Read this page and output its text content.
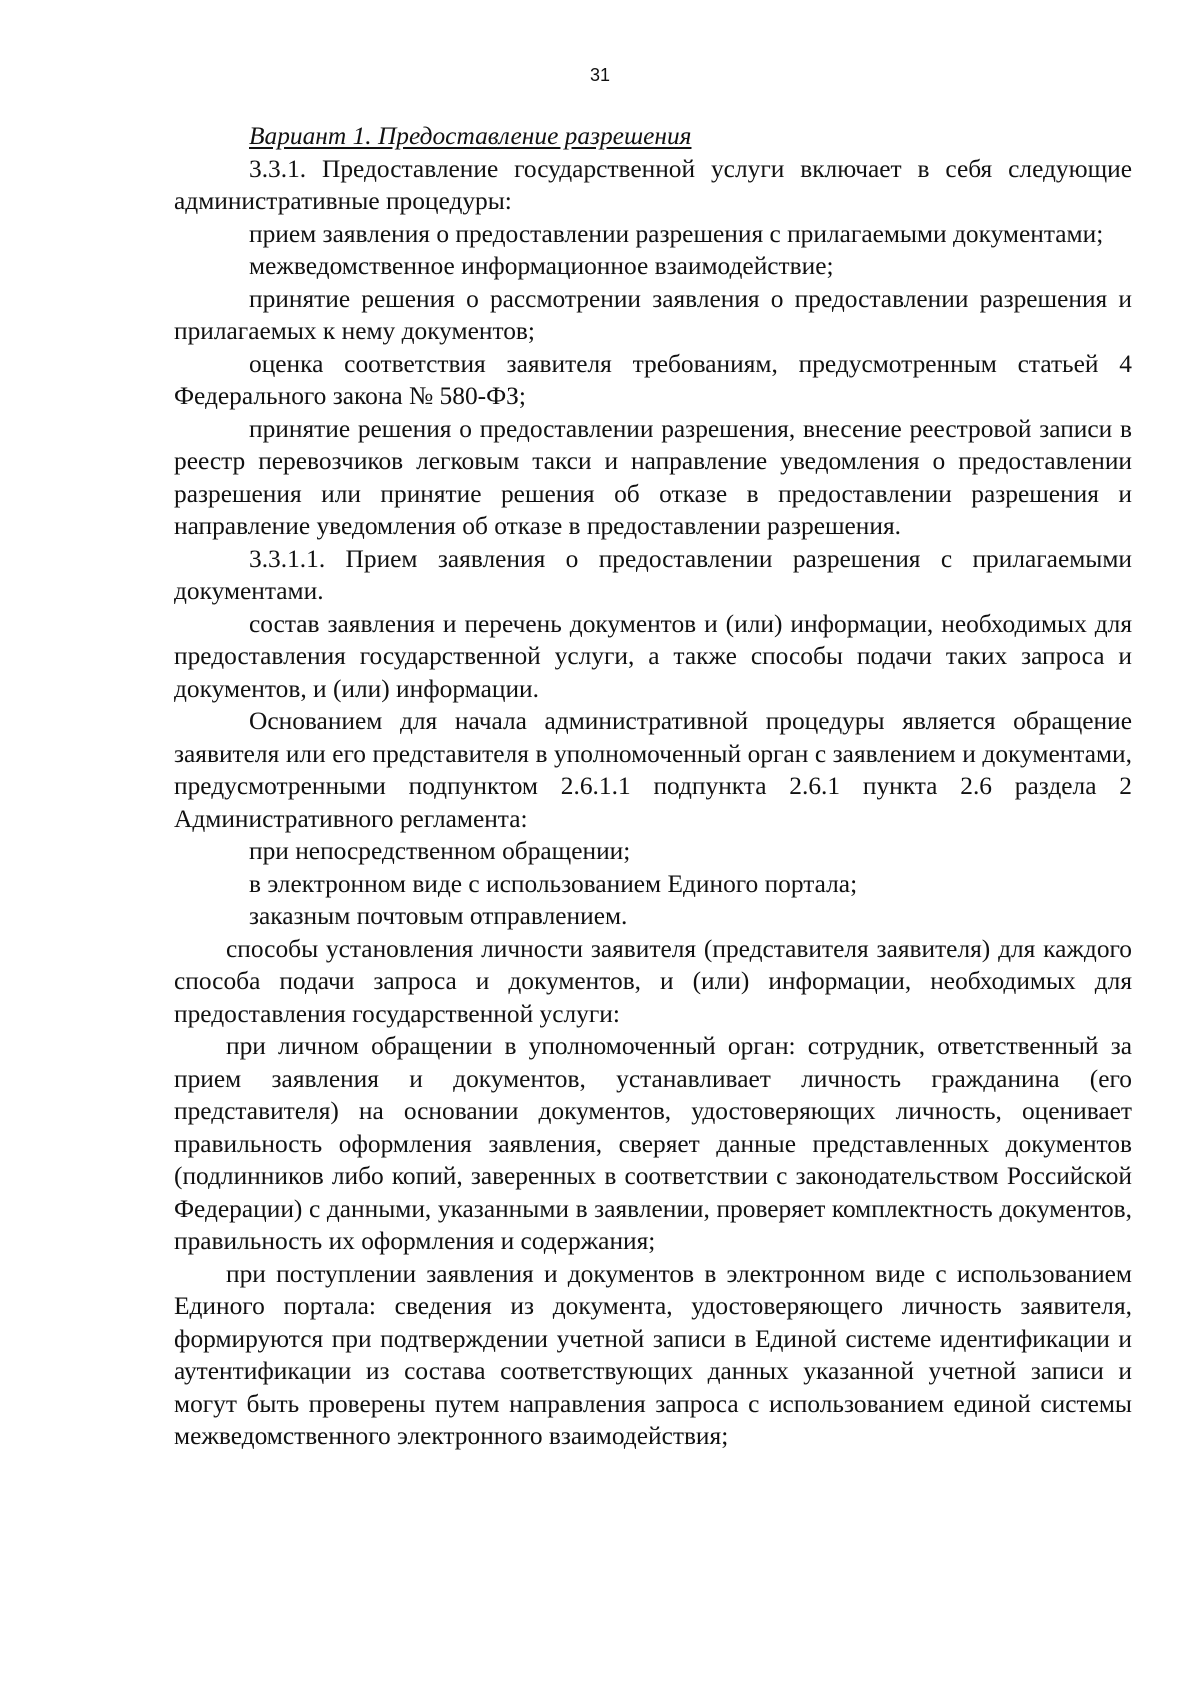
31

Вариант 1. Предоставление разрешения

3.3.1. Предоставление государственной услуги включает в себя следующие административные процедуры:

прием заявления о предоставлении разрешения с прилагаемыми документами;

межведомственное информационное взаимодействие;

принятие решения о рассмотрении заявления о предоставлении разрешения и прилагаемых к нему документов;

оценка соответствия заявителя требованиям, предусмотренным статьей 4 Федерального закона № 580-ФЗ;

принятие решения о предоставлении разрешения, внесение реестровой записи в реестр перевозчиков легковым такси и направление уведомления о предоставлении разрешения или принятие решения об отказе в предоставлении разрешения и направление уведомления об отказе в предоставлении разрешения.

3.3.1.1. Прием заявления о предоставлении разрешения с прилагаемыми документами.

состав заявления и перечень документов и (или) информации, необходимых для предоставления государственной услуги, а также способы подачи таких запроса и документов, и (или) информации.

Основанием для начала административной процедуры является обращение заявителя или его представителя в уполномоченный орган с заявлением и документами, предусмотренными подпунктом 2.6.1.1 подпункта 2.6.1 пункта 2.6 раздела 2 Административного регламента:

при непосредственном обращении;

в электронном виде с использованием Единого портала;

заказным почтовым отправлением.

способы установления личности заявителя (представителя заявителя) для каждого способа подачи запроса и документов, и (или) информации, необходимых для предоставления государственной услуги:

при личном обращении в уполномоченный орган: сотрудник, ответственный за прием заявления и документов, устанавливает личность гражданина (его представителя) на основании документов, удостоверяющих личность, оценивает правильность оформления заявления, сверяет данные представленных документов (подлинников либо копий, заверенных в соответствии с законодательством Российской Федерации) с данными, указанными в заявлении, проверяет комплектность документов, правильность их оформления и содержания;

при поступлении заявления и документов в электронном виде с использованием Единого портала: сведения из документа, удостоверяющего личность заявителя, формируются при подтверждении учетной записи в Единой системе идентификации и аутентификации из состава соответствующих данных указанной учетной записи и могут быть проверены путем направления запроса с использованием единой системы межведомственного электронного взаимодействия;
